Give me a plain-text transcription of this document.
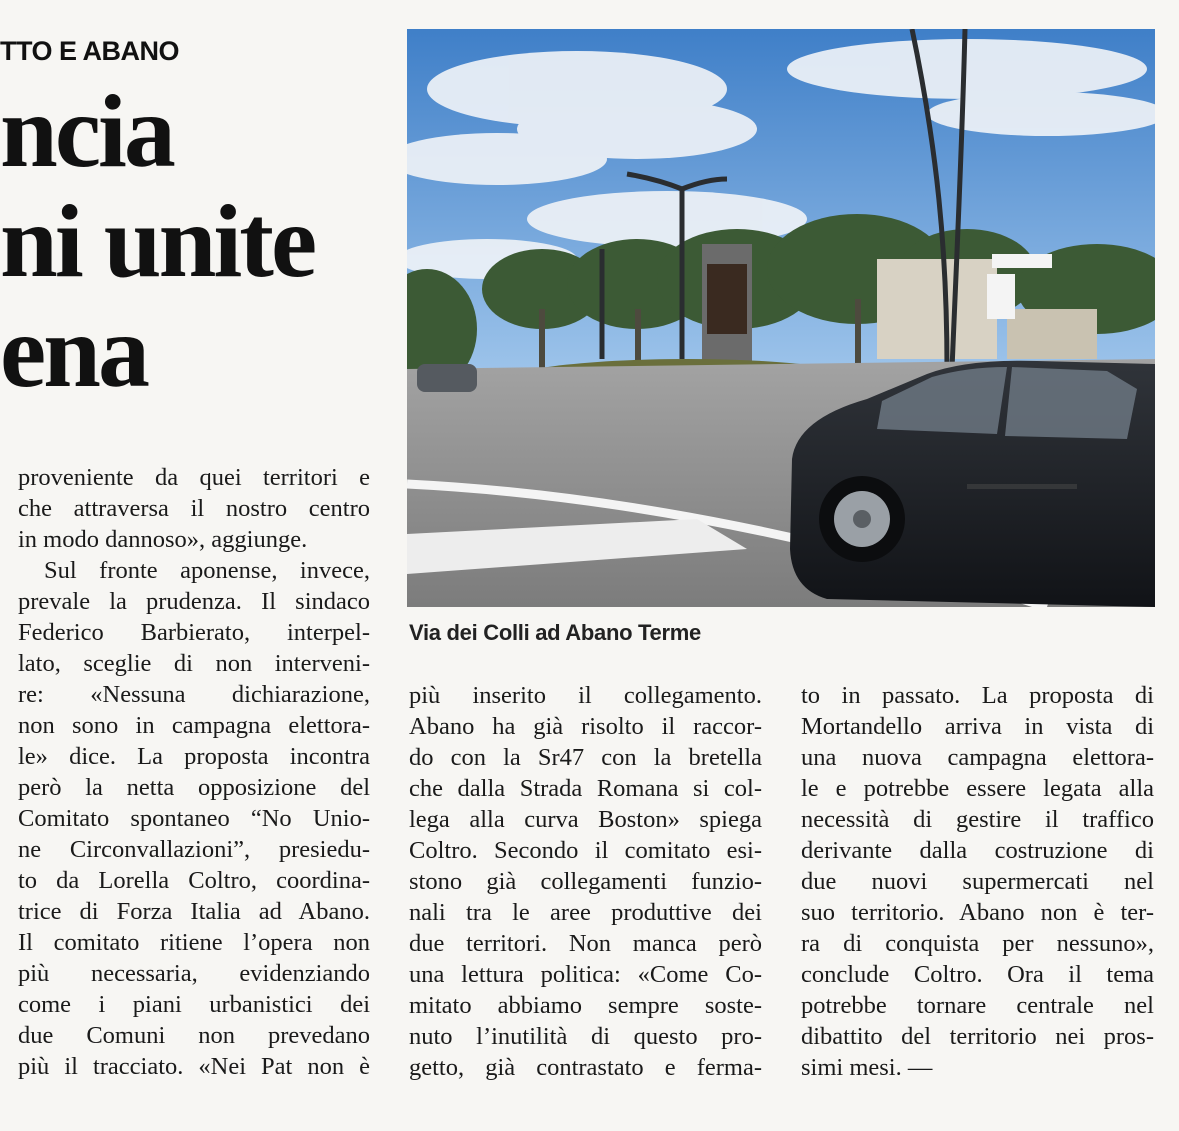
TTO E ABANO
ncia
ni unite
ena
Via dei Colli ad Abano Terme
proveniente da quei territori e
che attraversa il nostro centro
in modo dannoso», aggiunge.
Sul fronte aponense, invece,
prevale la prudenza. Il sindaco
Federico Barbierato, interpel-
lato, sceglie di non interveni-
re: «Nessuna dichiarazione,
non sono in campagna elettora-
le» dice. La proposta incontra
però la netta opposizione del
Comitato spontaneo “No Unio-
ne Circonvallazioni”, presiedu-
to da Lorella Coltro, coordina-
trice di Forza Italia ad Abano.
Il comitato ritiene l’opera non
più necessaria, evidenziando
come i piani urbanistici dei
due Comuni non prevedano
più il tracciato. «Nei Pat non è
più inserito il collegamento.
Abano ha già risolto il raccor-
do con la Sr47 con la bretella
che dalla Strada Romana si col-
lega alla curva Boston» spiega
Coltro. Secondo il comitato esi-
stono già collegamenti funzio-
nali tra le aree produttive dei
due territori. Non manca però
una lettura politica: «Come Co-
mitato abbiamo sempre soste-
nuto l’inutilità di questo pro-
getto, già contrastato e ferma-
to in passato. La proposta di
Mortandello arriva in vista di
una nuova campagna elettora-
le e potrebbe essere legata alla
necessità di gestire il traffico
derivante dalla costruzione di
due nuovi supermercati nel
suo territorio. Abano non è ter-
ra di conquista per nessuno»,
conclude Coltro. Ora il tema
potrebbe tornare centrale nel
dibattito del territorio nei pros-
simi mesi. —
